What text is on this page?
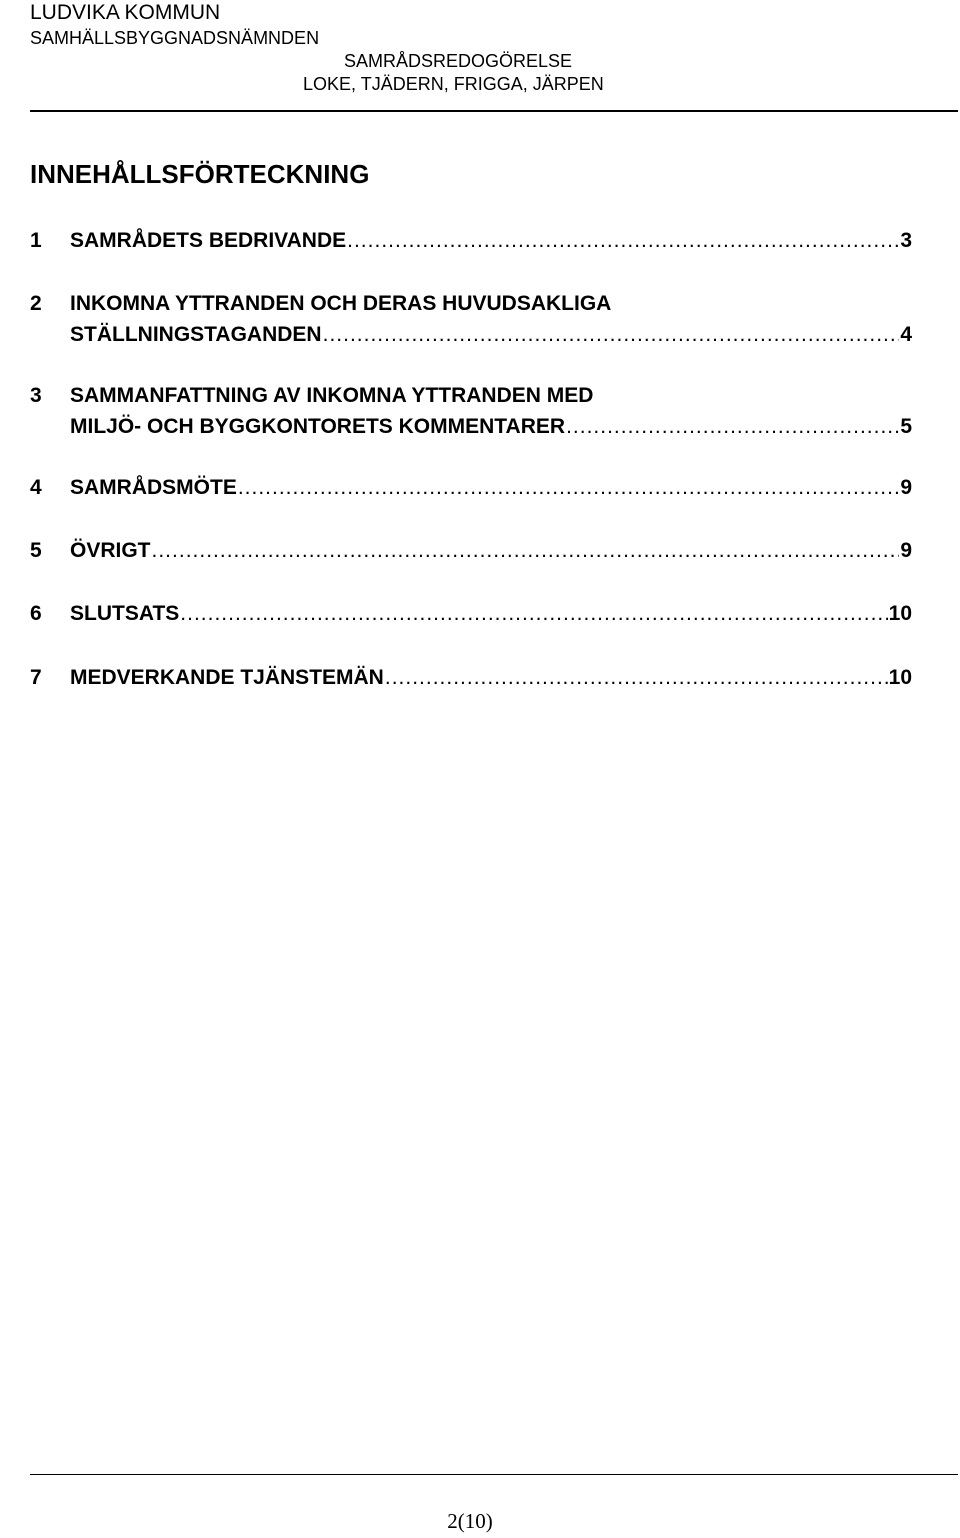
LUDVIKA KOMMUN
SAMHÄLLSBYGGNADSNÄMNDEN
SAMRÅDSREDOGÖRELSE
LOKE, TJÄDERN, FRIGGA, JÄRPEN
INNEHÅLLSFÖRTECKNING
1	SAMRÅDETS BEDRIVANDE .....	3
2	INKOMNA YTTRANDEN OCH DERAS HUVUDSAKLIGA
STÄLLNINGSTAGANDEN .....	4
3	SAMMANFATTNING AV INKOMNA YTTRANDEN MED
MILJÖ- OCH BYGGKONTORETS KOMMENTARER .....	5
4	SAMRÅDSMÖTE .....	9
5	ÖVRIGT .....	9
6	SLUTSATS .....	10
7	MEDVERKANDE TJÄNSTEMÄN .....	10
2(10)
